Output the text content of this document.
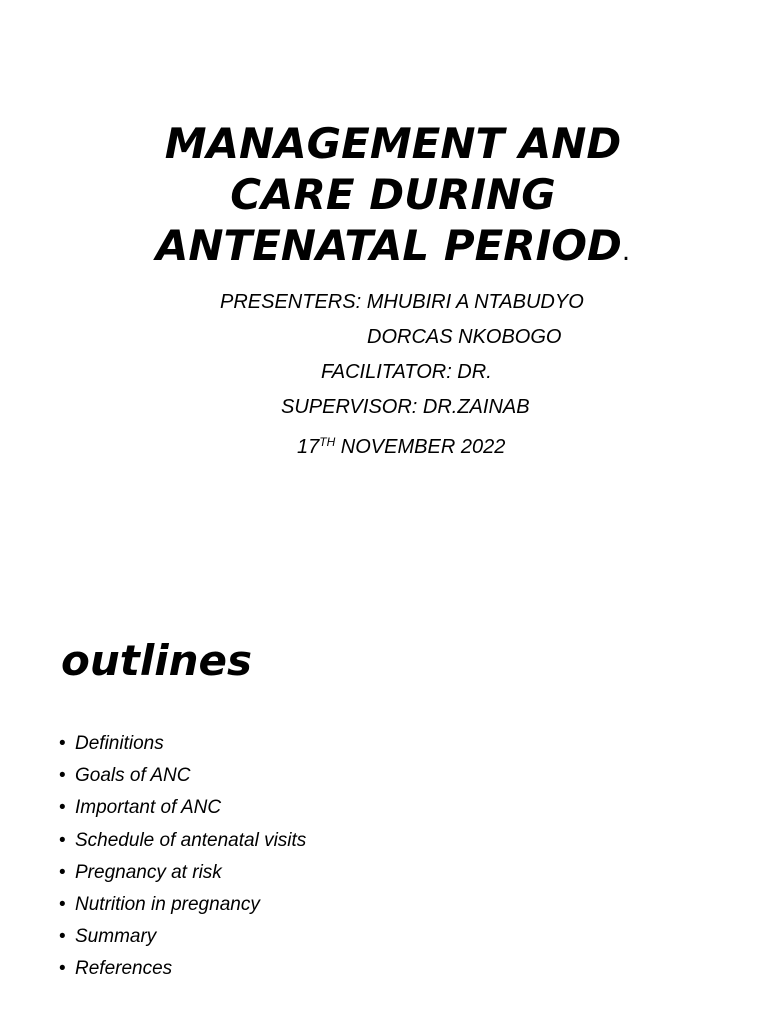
MANAGEMENT AND
CARE DURING
ANTENATAL PERIOD.
PRESENTERS: MHUBIRI A NTABUDYO
DORCAS NKOBOGO
FACILITATOR: DR.
SUPERVISOR: DR.ZAINAB
17TH NOVEMBER 2022
outlines
• Definitions
• Goals of ANC
• Important of ANC
• Schedule of antenatal visits
• Pregnancy at risk
• Nutrition in pregnancy
• Summary
• References
